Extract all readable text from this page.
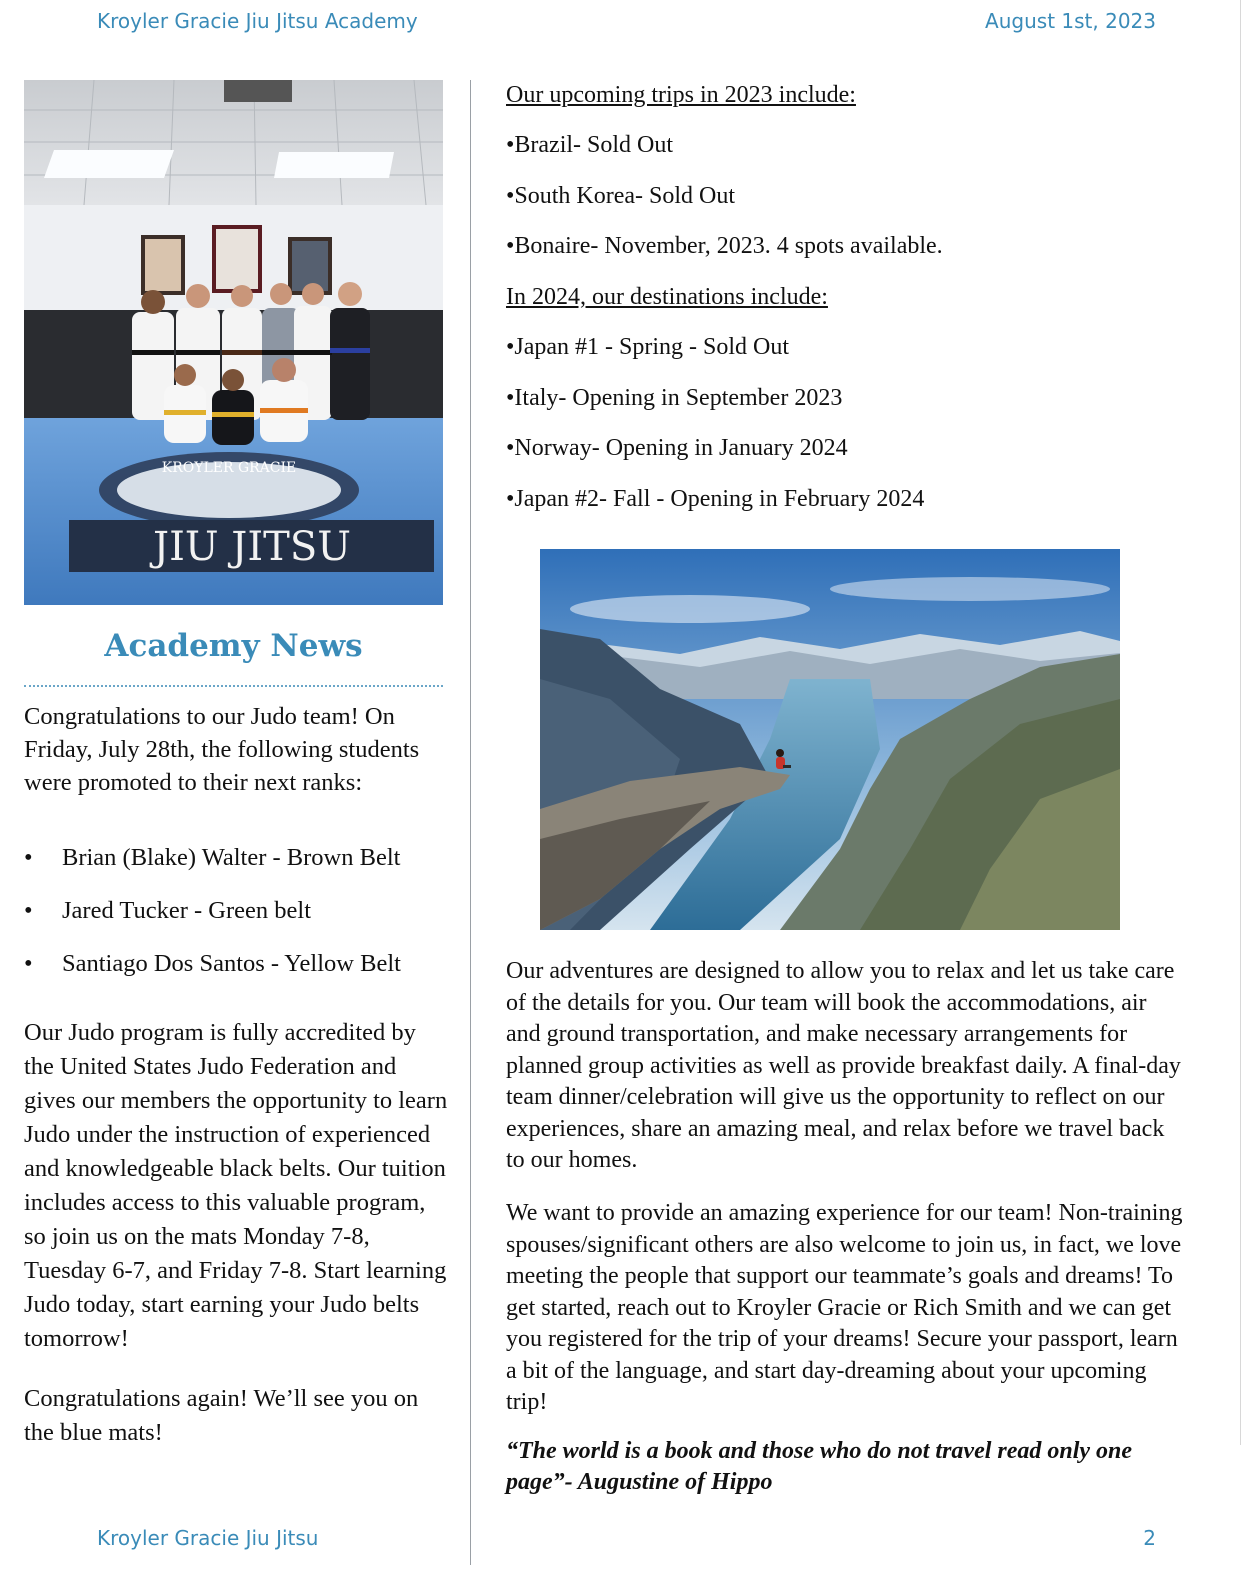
Kroyler Gracie Jiu Jitsu Academy	August 1st, 2023
JIU JITSU
KROYLER GRACIE
Academy News
Congratulations to our Judo team! On Friday, July 28th, the following students were promoted to their next ranks:
• Brian (Blake) Walter - Brown Belt
• Jared Tucker - Green belt
• Santiago Dos Santos - Yellow Belt
Our Judo program is fully accredited by the United States Judo Federation and gives our members the opportunity to learn Judo under the instruction of experienced and knowledgeable black belts. Our tuition includes access to this valuable program, so join us on the mats Monday 7-8, Tuesday 6-7, and Friday 7-8. Start learning Judo today, start earning your Judo belts tomorrow!
Congratulations again! We’ll see you on the blue mats!
Our upcoming trips in 2023 include:
•Brazil- Sold Out
•South Korea- Sold Out
•Bonaire- November, 2023. 4 spots available.
In 2024, our destinations include:
•Japan #1 - Spring - Sold Out
•Italy- Opening in September 2023
•Norway- Opening in January 2024
•Japan #2- Fall - Opening in February 2024
Our adventures are designed to allow you to relax and let us take care of the details for you. Our team will book the accommodations, air and ground transportation, and make necessary arrangements for planned group activities as well as provide breakfast daily. A final-day team dinner/celebration will give us the opportunity to reflect on our experiences, share an amazing meal, and relax before we travel back to our homes.
We want to provide an amazing experience for our team! Non-training spouses/significant others are also welcome to join us, in fact, we love meeting the people that support our teammate’s goals and dreams! To get started, reach out to Kroyler Gracie or Rich Smith and we can get you registered for the trip of your dreams! Secure your passport, learn a bit of the language, and start day-dreaming about your upcoming trip!
“The world is a book and those who do not travel read only one page”- Augustine of Hippo
Kroyler Gracie Jiu Jitsu	2
